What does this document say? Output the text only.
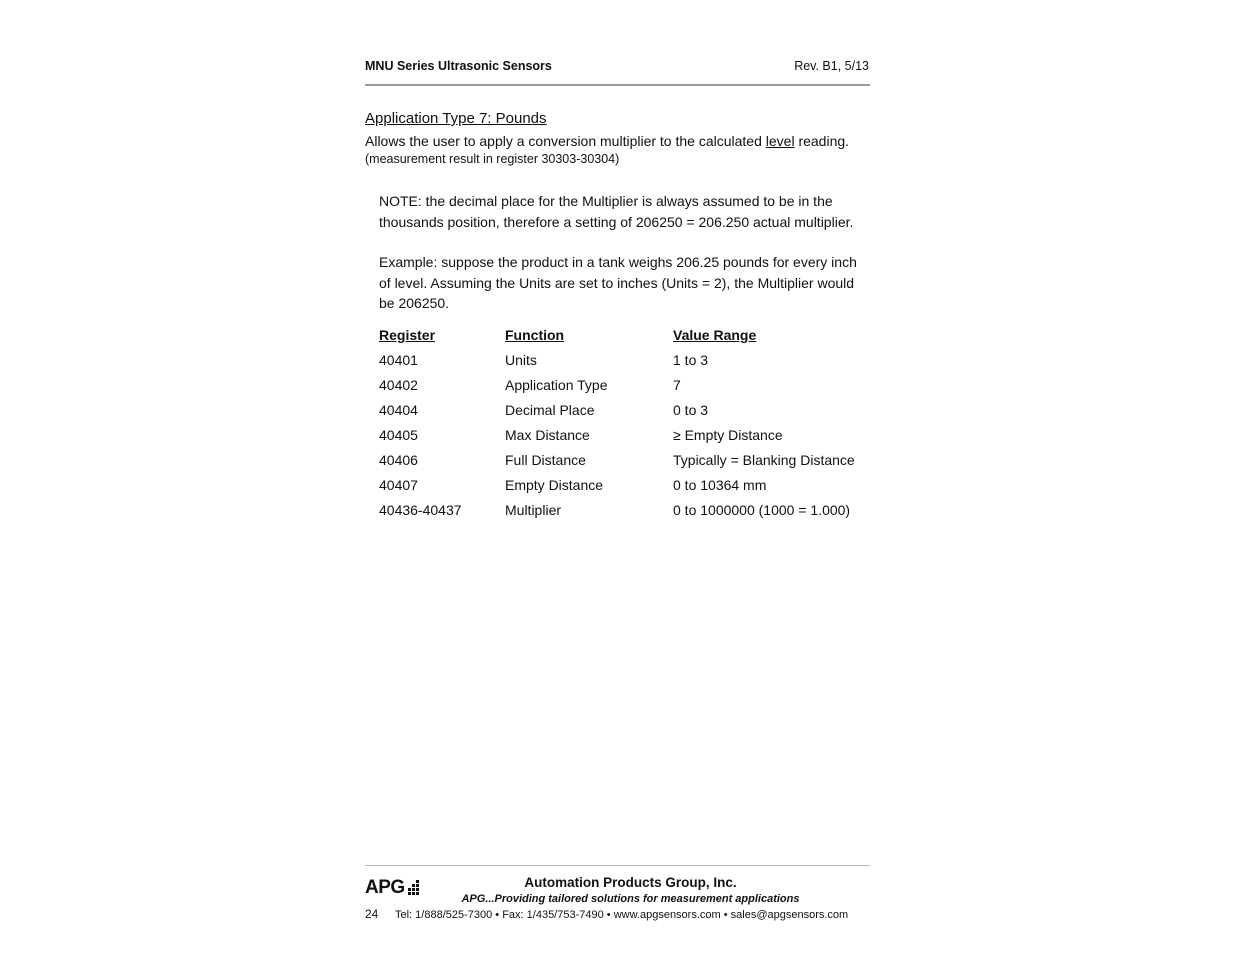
MNU Series Ultrasonic Sensors	Rev. B1, 5/13
Application Type 7: Pounds
Allows the user to apply a conversion multiplier to the calculated level reading.
(measurement result in register 30303-30304)
NOTE: the decimal place for the Multiplier is always assumed to be in the thousands position, therefore a setting of 206250 = 206.250 actual multiplier.
Example: suppose the product in a tank weighs 206.25 pounds for every inch of level. Assuming the Units are set to inches (Units = 2), the Multiplier would be 206250.
Register	Function	Value Range
40401	Units	1 to 3
40402	Application Type	7
40404	Decimal Place	0 to 3
40405	Max Distance	≥ Empty Distance
40406	Full Distance	Typically = Blanking Distance
40407	Empty Distance	0 to 10364 mm
40436-40437	Multiplier	0 to 1000000 (1000 = 1.000)
APG	Automation Products Group, Inc.
APG...Providing tailored solutions for measurement applications
24 Tel: 1/888/525-7300 • Fax: 1/435/753-7490 • www.apgsensors.com • sales@apgsensors.com
